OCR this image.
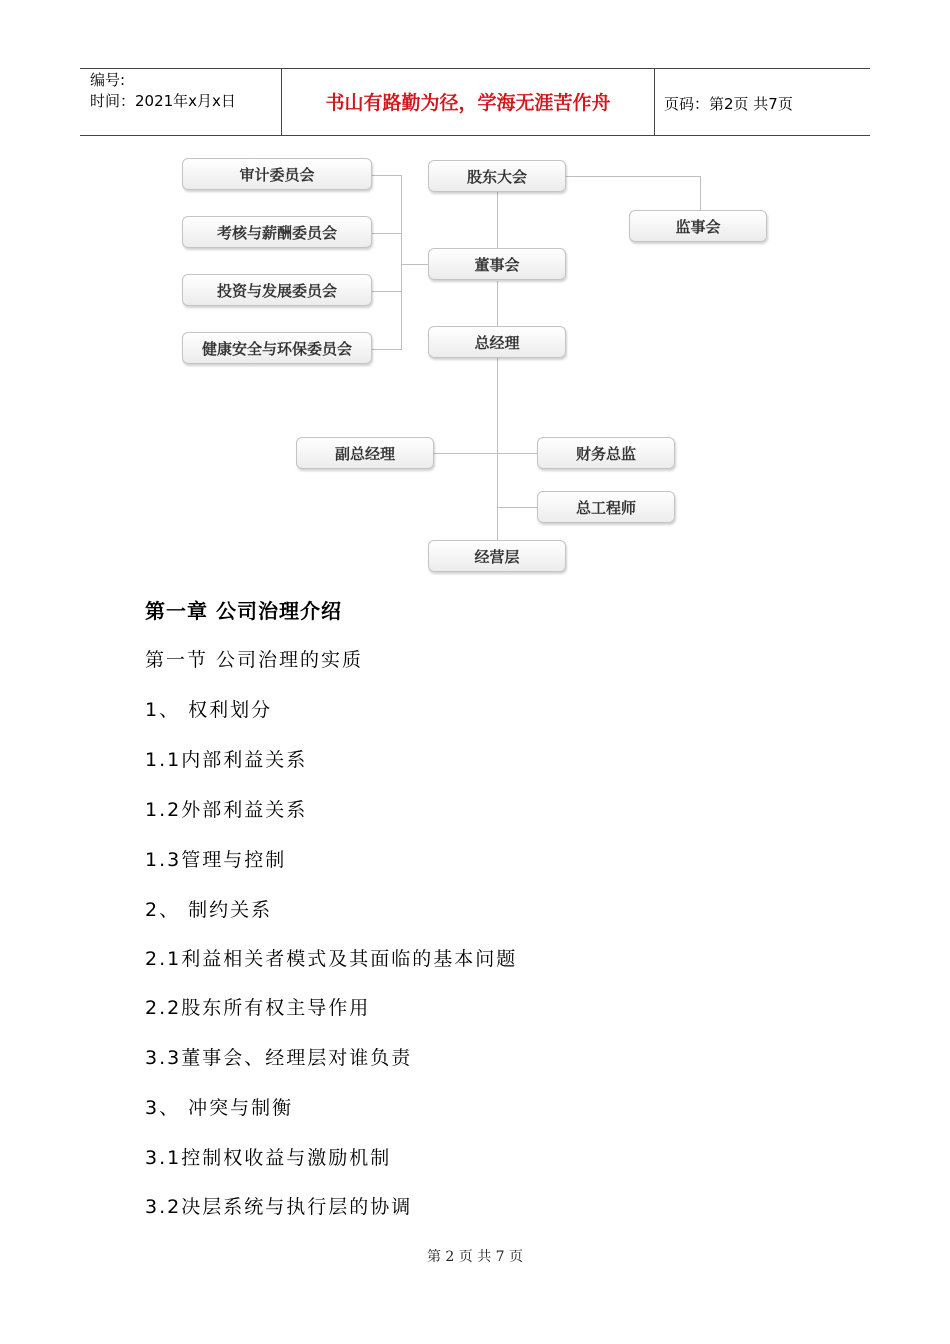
编号:
时间：2021年x月x日	书山有路勤为径，学海无涯苦作舟	页码：第2页 共7页
审计委员会
考核与薪酬委员会
投资与发展委员会
健康安全与环保委员会
股东大会
监事会
董事会
总经理
副总经理	财务总监
总工程师
经营层
第一章 公司治理介绍
第一节 公司治理的实质
1、 权利划分
1.1内部利益关系
1.2外部利益关系
1.3管理与控制
2、 制约关系
2.1利益相关者模式及其面临的基本问题
2.2股东所有权主导作用
3.3董事会、经理层对谁负责
3、 冲突与制衡
3.1控制权收益与激励机制
3.2决层系统与执行层的协调
第 2 页 共 7 页
